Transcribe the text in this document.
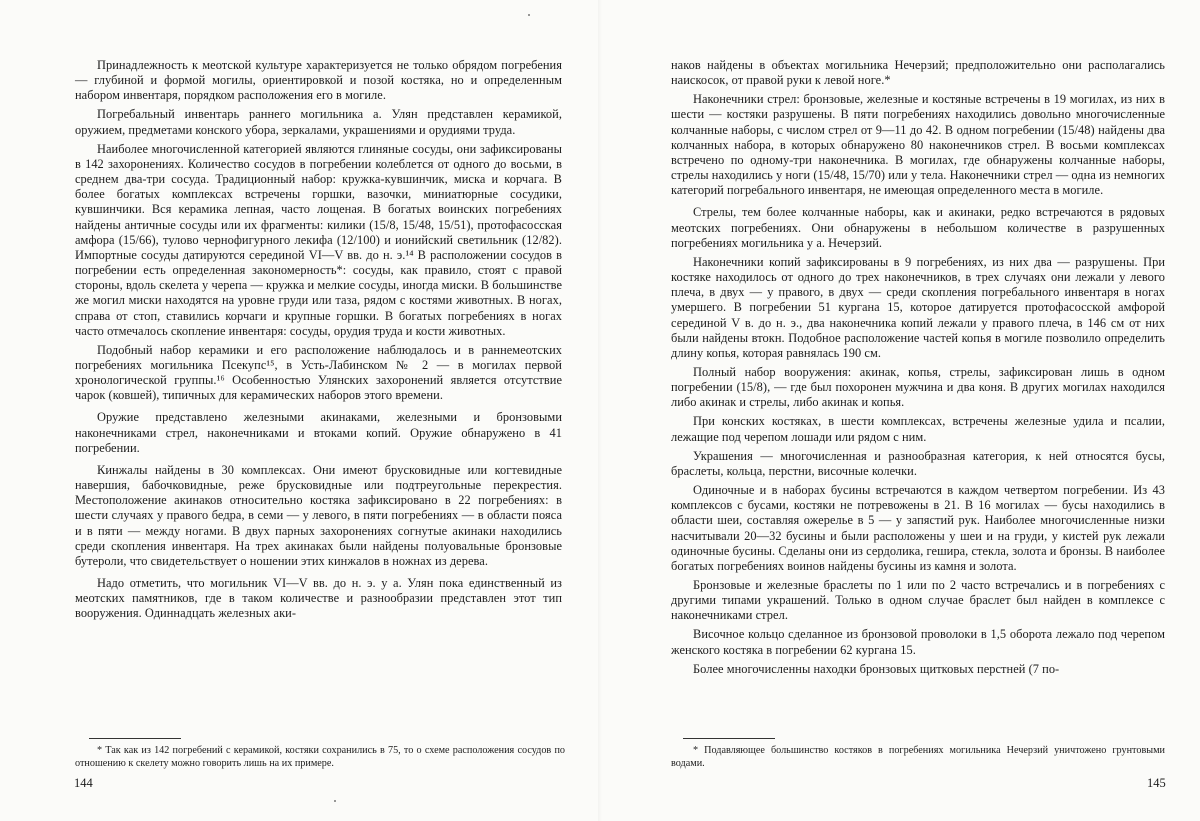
Принадлежность к меотской культуре характеризуется не только обрядом погребения — глубиной и формой могилы, ориентировкой и позой костяка, но и определенным набором инвентаря, порядком расположения его в могиле.

Погребальный инвентарь раннего могильника а. Улян представлен керамикой, оружием, предметами конского убора, зеркалами, украшениями и орудиями труда.

Наиболее многочисленной категорией являются глиняные сосуды, они зафиксированы в 142 захоронениях. Количество сосудов в погребении колеблется от одного до восьми, в среднем два-три сосуда. Традиционный набор: кружка-кувшинчик, миска и корчага. В более богатых комплексах встречены горшки, вазочки, миниатюрные сосудики, кувшинчики. Вся керамика лепная, часто лощеная. В богатых воинских погребениях найдены античные сосуды или их фрагменты: килики (15/8, 15/48, 15/51), протофасосская амфора (15/66), тулово чернофигурного лекифа (12/100) и ионийский светильник (12/82). Импортные сосуды датируются серединой VI—V вв. до н. э.¹⁴ В расположении сосудов в погребении есть определенная закономерность*: сосуды, как правило, стоят с правой стороны, вдоль скелета у черепа — кружка и мелкие сосуды, иногда миски. В большинстве же могил миски находятся на уровне груди или таза, рядом с костями животных. В ногах, справа от стоп, ставились корчаги и крупные горшки. В богатых погребениях в ногах часто отмечалось скопление инвентаря: сосуды, орудия труда и кости животных.

Подобный набор керамики и его расположение наблюдалось и в раннемеотских погребениях могильника Псекупс¹⁵, в Усть-Лабинском № 2 — в могилах первой хронологической группы.¹⁶ Особенностью Улянских захоронений является отсутствие чарок (ковшей), типичных для керамических наборов этого времени.

Оружие представлено железными акинаками, железными и бронзовыми наконечниками стрел, наконечниками и втоками копий. Оружие обнаружено в 41 погребении.

Кинжалы найдены в 30 комплексах. Они имеют брусковидные или когтевидные навершия, бабочковидные, реже брусковидные или подтреугольные перекрестия. Местоположение акинаков относительно костяка зафиксировано в 22 погребениях: в шести случаях у правого бедра, в семи — у левого, в пяти погребениях — в области пояса и в пяти — между ногами. В двух парных захоронениях согнутые акинаки находились среди скопления инвентаря. На трех акинаках были найдены полуовальные бронзовые бутероли, что свидетельствует о ношении этих кинжалов в ножнах из дерева.

Надо отметить, что могильник VI—V вв. до н. э. у а. Улян пока единственный из меотских памятников, где в таком количестве и разнообразии представлен этот тип вооружения. Одиннадцать железных аки-

* Так как из 142 погребений с керамикой, костяки сохранились в 75, то о схеме расположения сосудов по отношению к скелету можно говорить лишь на их примере.
144

наков найдены в объектах могильника Нечерзий; предположительно они располагались наискосок, от правой руки к левой ноге.*

Наконечники стрел: бронзовые, железные и костяные встречены в 19 могилах, из них в шести — костяки разрушены. В пяти погребениях находились довольно многочисленные колчанные наборы, с числом стрел от 9—11 до 42. В одном погребении (15/48) найдены два колчанных набора, в которых обнаружено 80 наконечников стрел. В восьми комплексах встречено по одному-три наконечника. В могилах, где обнаружены колчанные наборы, стрелы находились у ноги (15/48, 15/70) или у тела. Наконечники стрел — одна из немногих категорий погребального инвентаря, не имеющая определенного места в могиле.

Стрелы, тем более колчанные наборы, как и акинаки, редко встречаются в рядовых меотских погребениях. Они обнаружены в небольшом количестве в разрушенных погребениях могильника у а. Нечерзий.

Наконечники копий зафиксированы в 9 погребениях, из них два — разрушены. При костяке находилось от одного до трех наконечников, в трех случаях они лежали у левого плеча, в двух — у правого, в двух — среди скопления погребального инвентаря в ногах умершего. В погребении 51 кургана 15, которое датируется протофасосской амфорой серединой V в. до н. э., два наконечника копий лежали у правого плеча, в 146 см от них были найдены втокн. Подобное расположение частей копья в могиле позволило определить длину копья, которая равнялась 190 см.

Полный набор вооружения: акинак, копья, стрелы, зафиксирован лишь в одном погребении (15/8), — где был похоронен мужчина и два коня. В других могилах находился либо акинак и стрелы, либо акинак и копья.

При конских костяках, в шести комплексах, встречены железные удила и псалии, лежащие под черепом лошади или рядом с ним.

Украшения — многочисленная и разнообразная категория, к ней относятся бусы, браслеты, кольца, перстни, височные колечки.

Одиночные и в наборах бусины встречаются в каждом четвертом погребении. Из 43 комплексов с бусами, костяки не потревожены в 21. В 16 могилах — бусы находились в области шеи, составляя ожерелье в 5 — у запястий рук. Наиболее многочисленные низки насчитывали 20—32 бусины и были расположены у шеи и на груди, у кистей рук лежали одиночные бусины. Сделаны они из сердолика, гешира, стекла, золота и бронзы. В наиболее богатых погребениях воинов найдены бусины из камня и золота.

Бронзовые и железные браслеты по 1 или по 2 часто встречались и в погребениях с другими типами украшений. Только в одном случае браслет был найден в комплексе с наконечниками стрел.

Височное кольцо сделанное из бронзовой проволоки в 1,5 оборота лежало под черепом женского костяка в погребении 62 кургана 15.

Более многочисленны находки бронзовых щитковых перстней (7 по-

* Подавляющее большинство костяков в погребениях могильника Нечерзий уничтожено грунтовыми водами.
145
